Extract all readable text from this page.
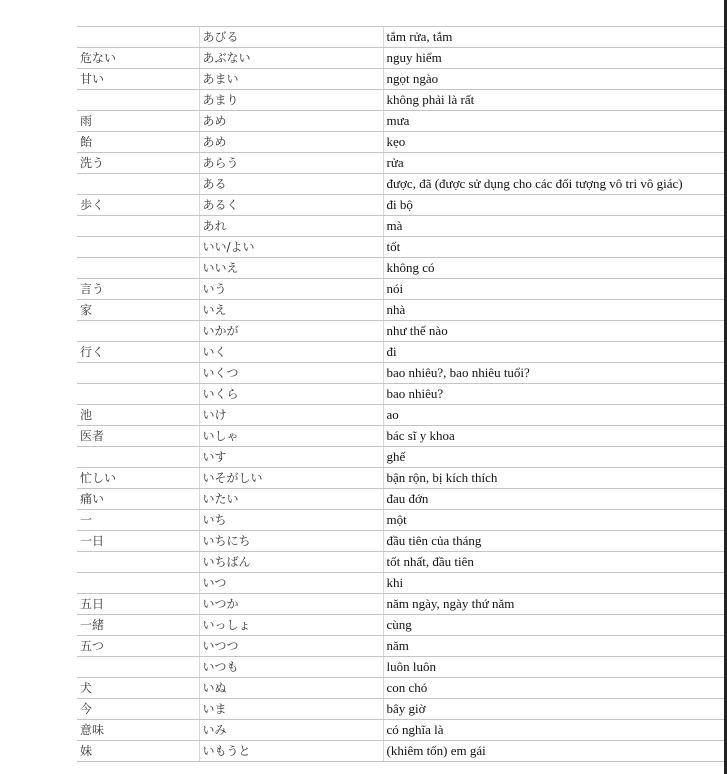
	あびる	tắm rửa, tắm
危ない	あぶない	nguy hiểm
甘い	あまい	ngọt ngào
	あまり	không phải là rất
雨	あめ	mưa
飴	あめ	kẹo
洗う	あらう	rửa
	ある	được, đã (được sử dụng cho các đối tượng vô tri vô giác)
歩く	あるく	đi bộ
	あれ	mà
	いい/よい	tốt
	いいえ	không có
言う	いう	nói
家	いえ	nhà
	いかが	như thế nào
行く	いく	đi
	いくつ	bao nhiêu?, bao nhiêu tuổi?
	いくら	bao nhiêu?
池	いけ	ao
医者	いしゃ	bác sĩ y khoa
	いす	ghế
忙しい	いそがしい	bận rộn, bị kích thích
痛い	いたい	đau đớn
一	いち	một
一日	いちにち	đầu tiên của tháng
	いちばん	tốt nhất, đầu tiên
	いつ	khi
五日	いつか	năm ngày, ngày thứ năm
一緒	いっしょ	cùng
五つ	いつつ	năm
	いつも	luôn luôn
犬	いぬ	con chó
今	いま	bây giờ
意味	いみ	có nghĩa là
妹	いもうと	(khiêm tốn) em gái
